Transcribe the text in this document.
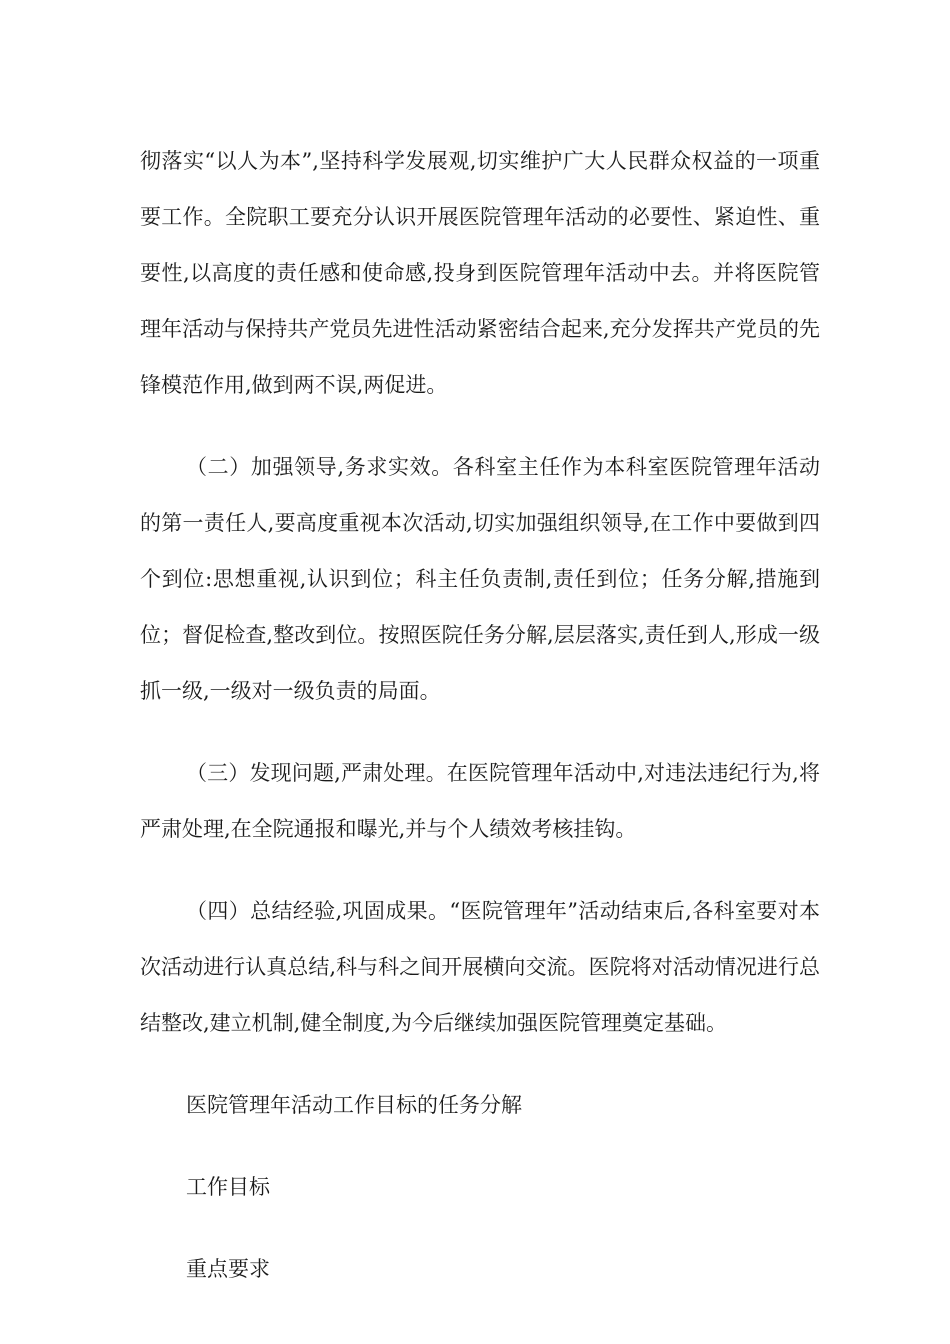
彻落实“以人为本”,坚持科学发展观,切实维护广大人民群众权益的一项重要工作。全院职工要充分认识开展医院管理年活动的必要性、紧迫性、重要性,以高度的责任感和使命感,投身到医院管理年活动中去。并将医院管理年活动与保持共产党员先进性活动紧密结合起来,充分发挥共产党员的先锋模范作用,做到两不误,两促进。

（二）加强领导,务求实效。各科室主任作为本科室医院管理年活动的第一责任人,要高度重视本次活动,切实加强组织领导,在工作中要做到四个到位:思想重视,认识到位；科主任负责制,责任到位；任务分解,措施到位；督促检查,整改到位。按照医院任务分解,层层落实,责任到人,形成一级抓一级,一级对一级负责的局面。

（三）发现问题,严肃处理。在医院管理年活动中,对违法违纪行为,将严肃处理,在全院通报和曝光,并与个人绩效考核挂钩。

（四）总结经验,巩固成果。“医院管理年”活动结束后,各科室要对本次活动进行认真总结,科与科之间开展横向交流。医院将对活动情况进行总结整改,建立机制,健全制度,为今后继续加强医院管理奠定基础。

医院管理年活动工作目标的任务分解

工作目标

重点要求
